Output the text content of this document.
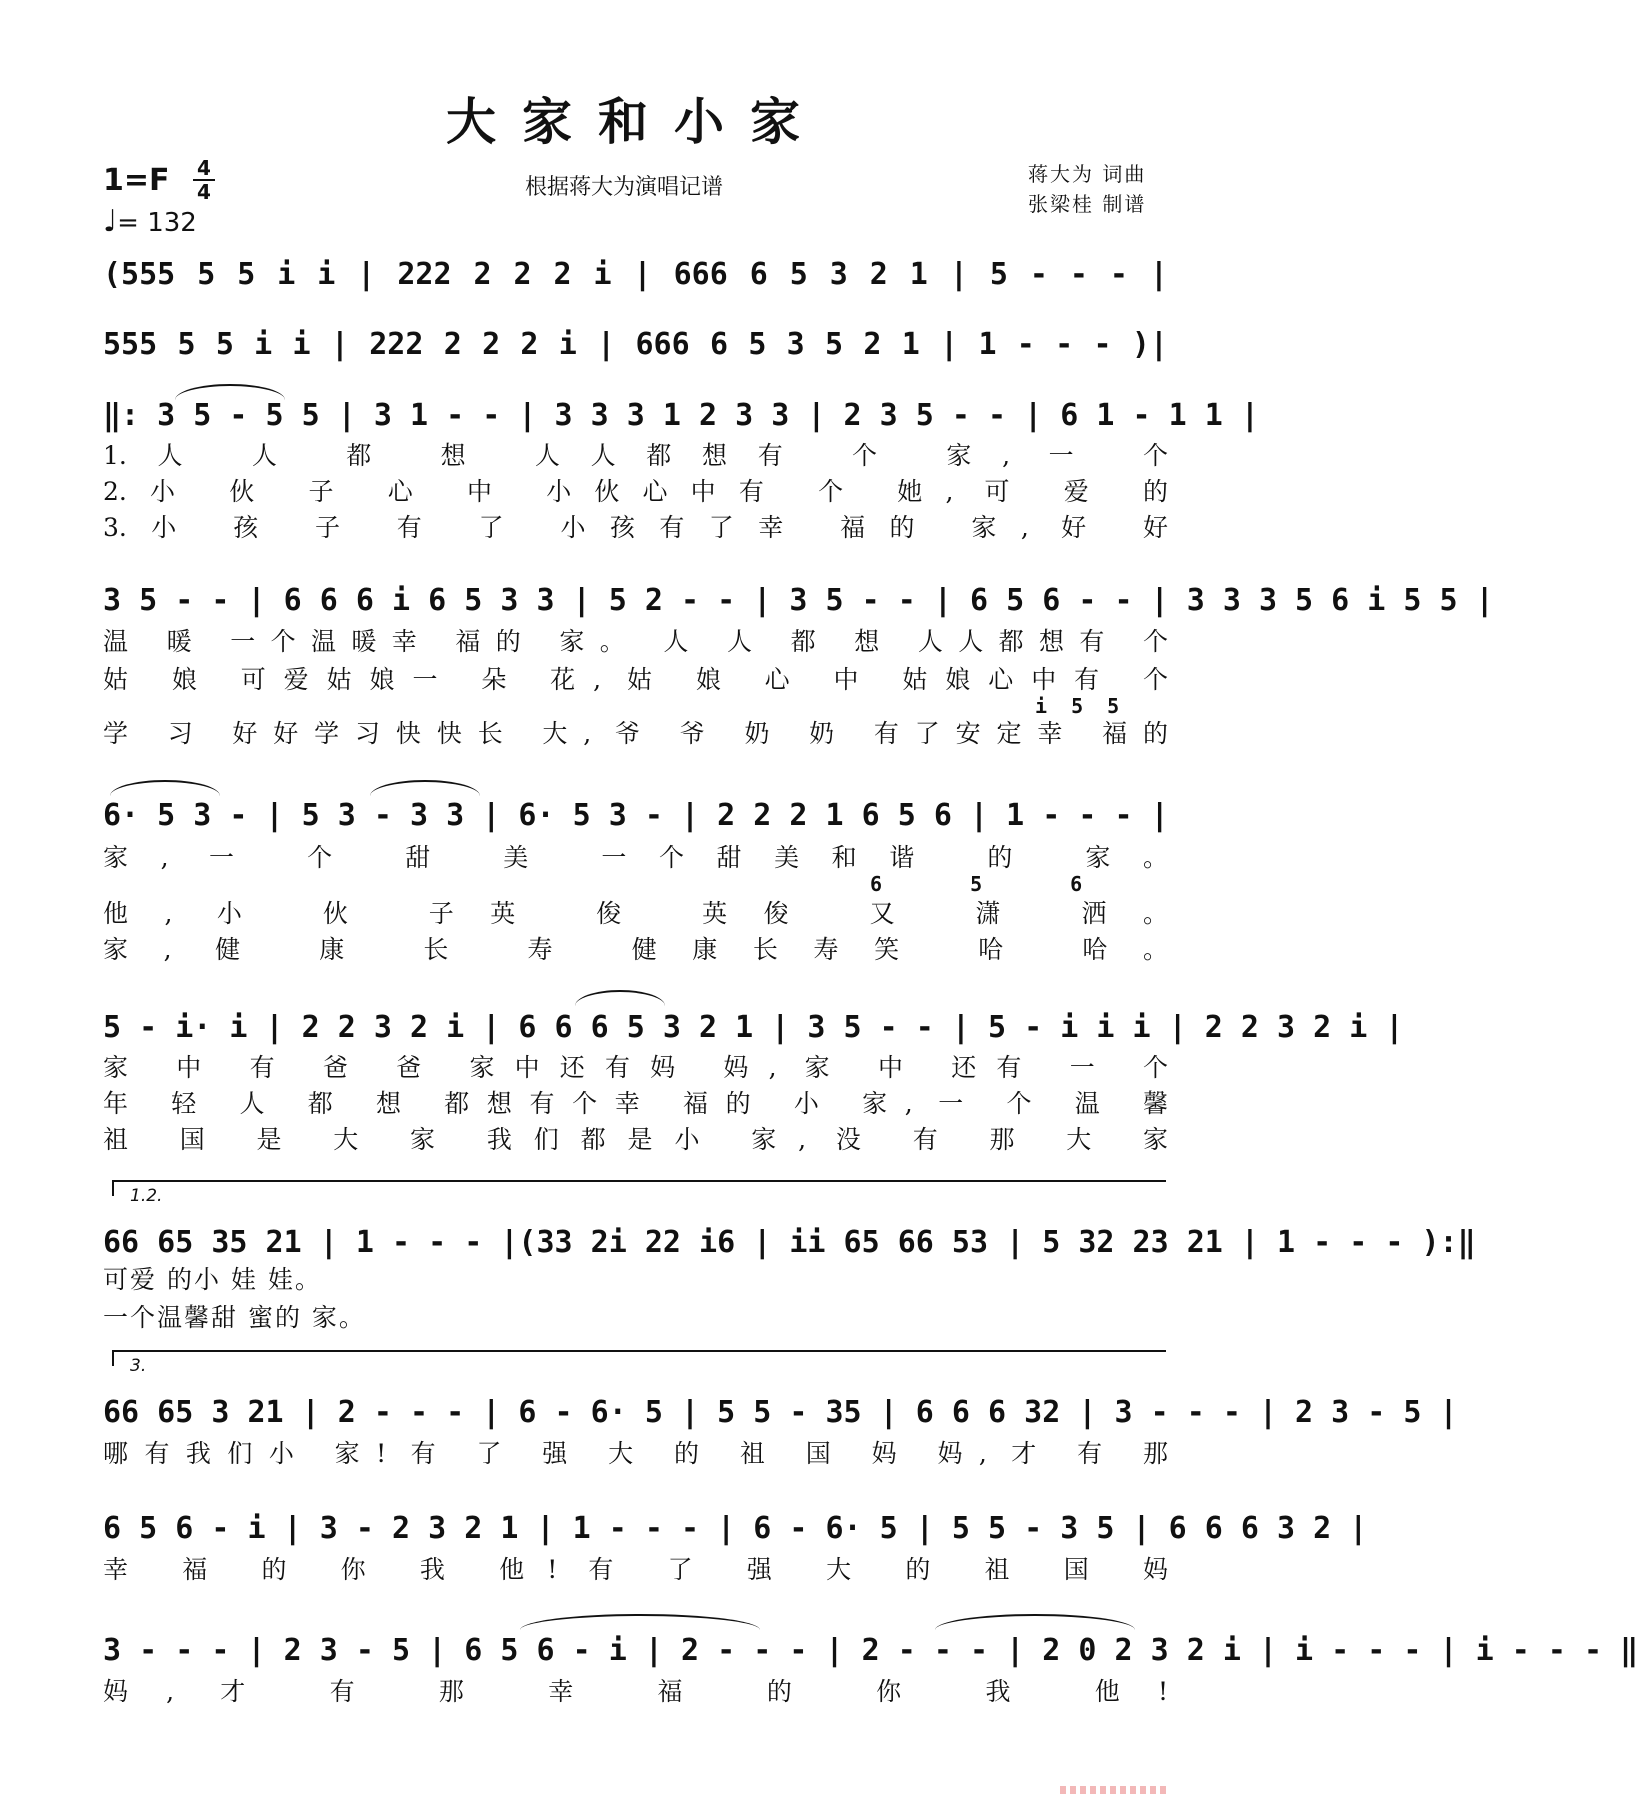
大家和小家
1=F 4
4
♩= 132
根据蒋大为演唱记谱
蒋大为 词曲
张梁桂 制谱
(555 5 5 i i | 222 2 2 2 i | 666 6 5 3 2 1 | 5 - - - |
555 5 5 i i | 222 2 2 2 i | 666 6 5 3 5 2 1 | 1 - - - )|
‖: 3 5 - 5 5 | 3 1 - - | 3 3 3 1 2 3 3 | 2 3 5 - - | 6 1 - 1 1 |
1.人 人 都 想 人人都想有 个 家, 一 个
2.小 伙 子 心 中 小伙心中有 个 她, 可 爱 的
3.小 孩 子 有 了 小孩有了幸 福的 家, 好 好
3 5 - - | 6 6 6 i 6 5 3 3 | 5 2 - - | 3 5 - - | 6 5 6 - - | 3 3 3 5 6 i 5 5 |
温 暖 一个温暖幸 福的 家。 人 人 都 想 人人都想有 个
姑 娘 可爱姑娘一 朵 花, 姑 娘 心 中 姑娘心中有 个
i 5 5
学 习 好好学习快快长 大, 爷 爷 奶 奶 有了安定幸 福的
6· 5 3 - | 5 3 - 3 3 | 6· 5 3 - | 2 2 2 1 6 5 6 | 1 - - - |
家, 一 个 甜 美 一个甜美和谐 的 家。
6 5 6
他, 小 伙 子英 俊 英俊 又 潇 洒。
家, 健 康 长 寿 健康长寿笑 哈 哈。
5 - i· i | 2 2 3 2 i | 6 6 6 5 3 2 1 | 3 5 - - | 5 - i i i | 2 2 3 2 i |
家 中 有 爸 爸 家中还有妈 妈, 家 中 还有 一 个
年 轻 人 都 想 都想有个幸 福的 小 家, 一 个 温 馨
祖 国 是 大 家 我们都是小 家, 没 有 那 大 家
1.2.
66 65 35 21 | 1 - - - |(33 2i 22 i6 | ii 65 66 53 | 5 32 23 21 | 1 - - - ):‖
可爱 的小 娃 娃。
一个温馨甜 蜜的 家。
3.
66 65 3 21 | 2 - - - | 6 - 6· 5 | 5 5 - 35 | 6 6 6 32 | 3 - - - | 2 3 - 5 |
哪有我们小 家! 有 了 强 大 的 祖 国 妈 妈, 才 有 那
6 5 6 - i | 3 - 2 3 2 1 | 1 - - - | 6 - 6· 5 | 5 5 - 3 5 | 6 6 6 3 2 |
幸 福 的 你 我 他! 有 了 强 大 的 祖 国 妈
3 - - - | 2 3 - 5 | 6 5 6 - i | 2 - - - | 2 - - - | 2 0 2 3 2 i | i - - - | i - - - ‖
妈, 才 有 那 幸 福 的 你 我 他!
